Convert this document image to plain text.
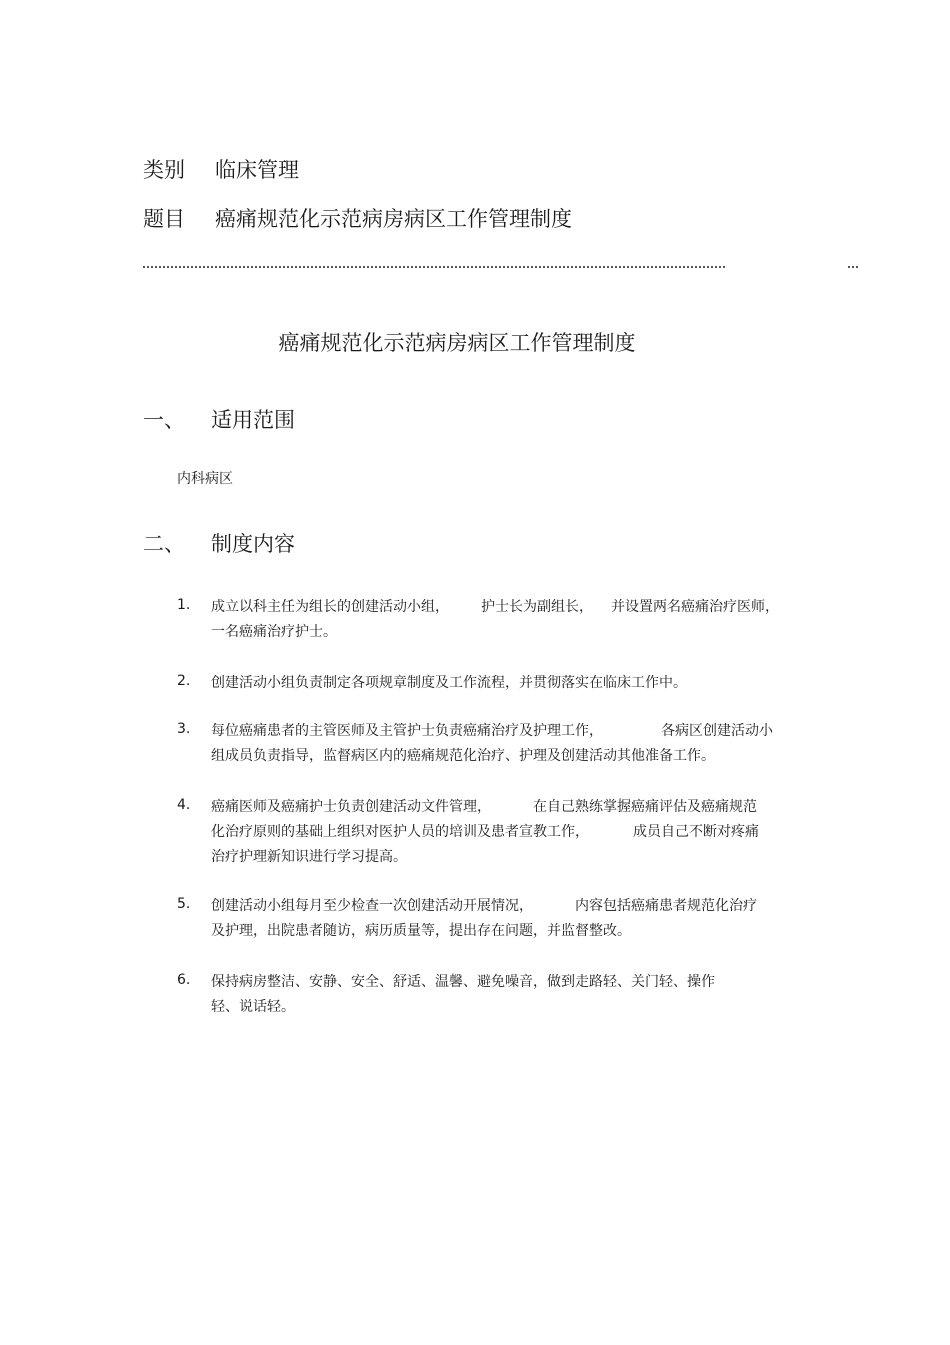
类别 临床管理
题目 癌痛规范化示范病房病区工作管理制度
癌痛规范化示范病房病区工作管理制度
一、 适用范围
内科病区
二、 制度内容
1. 成立以科主任为组长的创建活动小组， 护士长为副组长， 并设置两名癌痛治疗医师，
一名癌痛治疗护士。
2. 创建活动小组负责制定各项规章制度及工作流程，并贯彻落实在临床工作中。
3. 每位癌痛患者的主管医师及主管护士负责癌痛治疗及护理工作，	各病区创建活动小
组成员负责指导，监督病区内的癌痛规范化治疗、护理及创建活动其他准备工作。
4. 癌痛医师及癌痛护士负责创建活动文件管理，	在自己熟练掌握癌痛评估及癌痛规范
化治疗原则的基础上组织对医护人员的培训及患者宣教工作，	成员自己不断对疼痛
治疗护理新知识进行学习提高。
5. 创建活动小组每月至少检查一次创建活动开展情况，	内容包括癌痛患者规范化治疗
及护理，出院患者随访，病历质量等，提出存在问题，并监督整改。
6. 保持病房整洁、安静、安全、舒适、温馨、避免噪音，做到走路轻、关门轻、操作
轻、说话轻。
